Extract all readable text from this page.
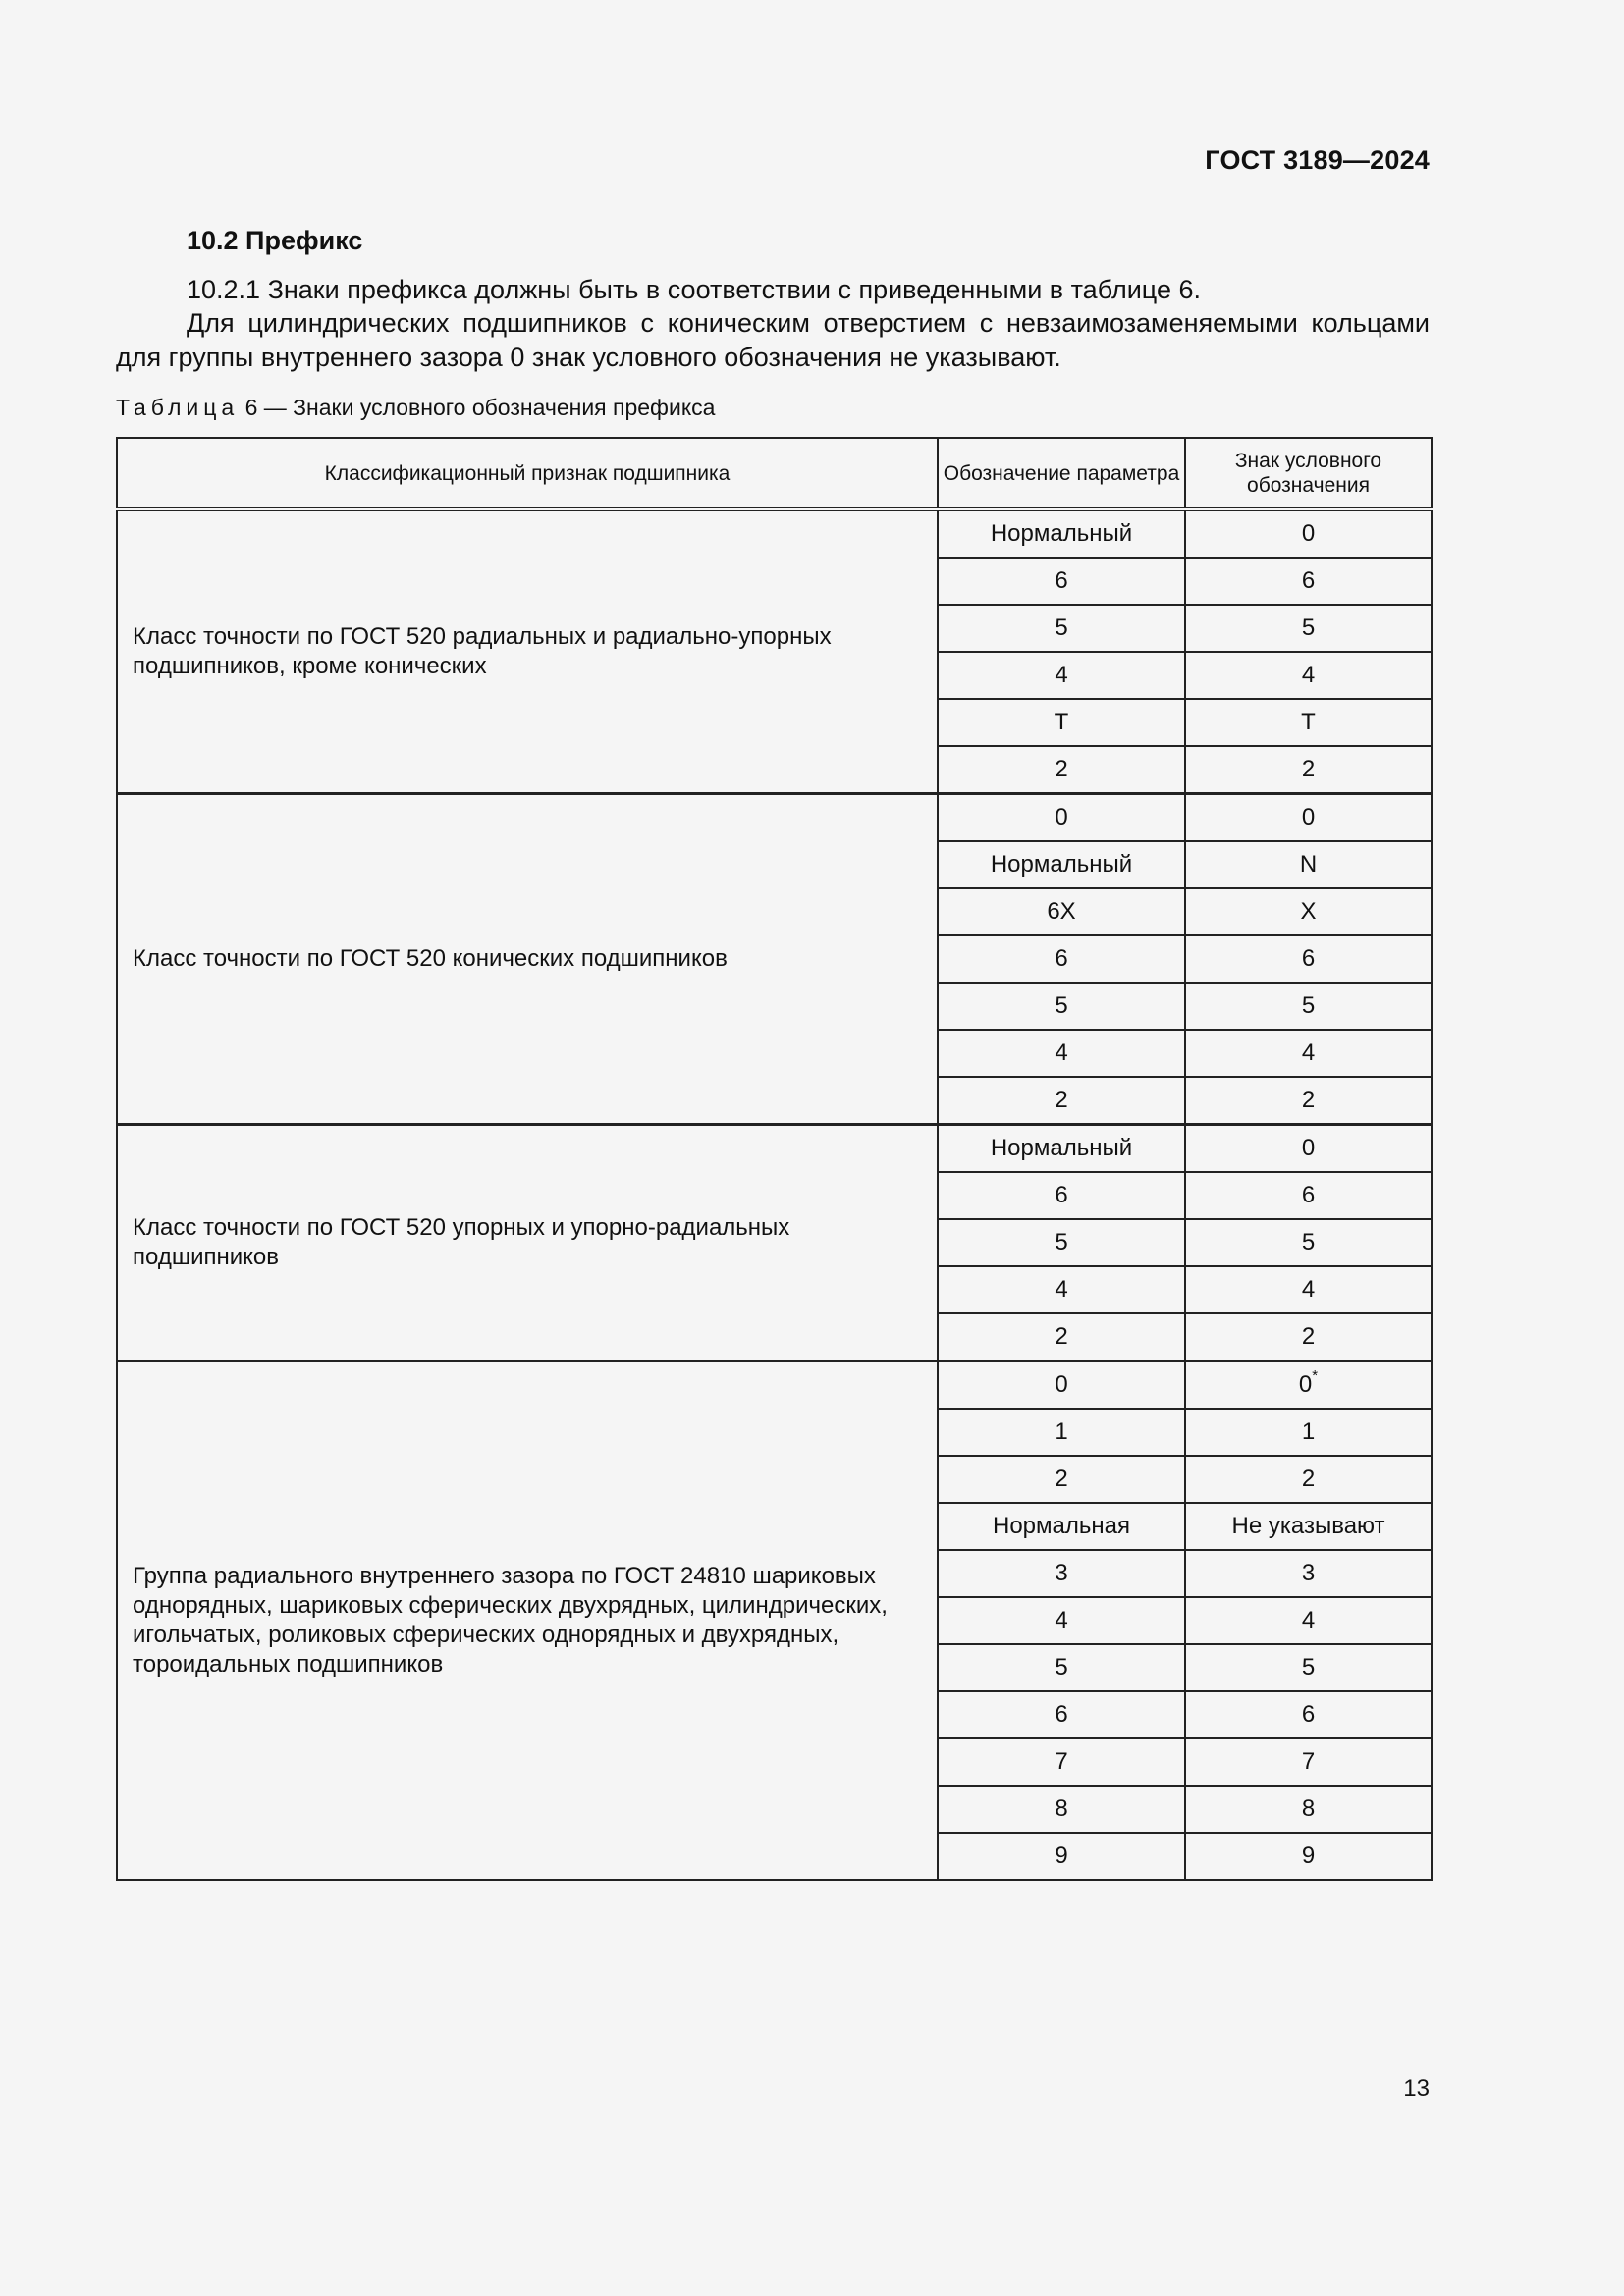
ГОСТ 3189—2024
10.2 Префикс
10.2.1 Знаки префикса должны быть в соответствии с приведенными в таблице 6.
Для цилиндрических подшипников с коническим отверстием с невзаимозаменяемыми кольцами для группы внутреннего зазора 0 знак условного обозначения не указывают.
Таблица 6 — Знаки условного обозначения префикса
Классификационный признак подшипника	Обозначение параметра	Знак условного обозначения
Класс точности по ГОСТ 520 радиальных и радиально-упорных подшипников, кроме конических	Нормальный	0
	6	6
	5	5
	4	4
	T	T
	2	2
Класс точности по ГОСТ 520 конических подшипников	0	0
	Нормальный	N
	6X	X
	6	6
	5	5
	4	4
	2	2
Класс точности по ГОСТ 520 упорных и упорно-радиальных подшипников	Нормальный	0
	6	6
	5	5
	4	4
	2	2
Группа радиального внутреннего зазора по ГОСТ 24810 шариковых однорядных, шариковых сферических двухрядных, цилиндрических, игольчатых, роликовых сферических однорядных и двухрядных, тороидальных подшипников	0	0*
	1	1
	2	2
	Нормальная	Не указывают
	3	3
	4	4
	5	5
	6	6
	7	7
	8	8
	9	9
13
